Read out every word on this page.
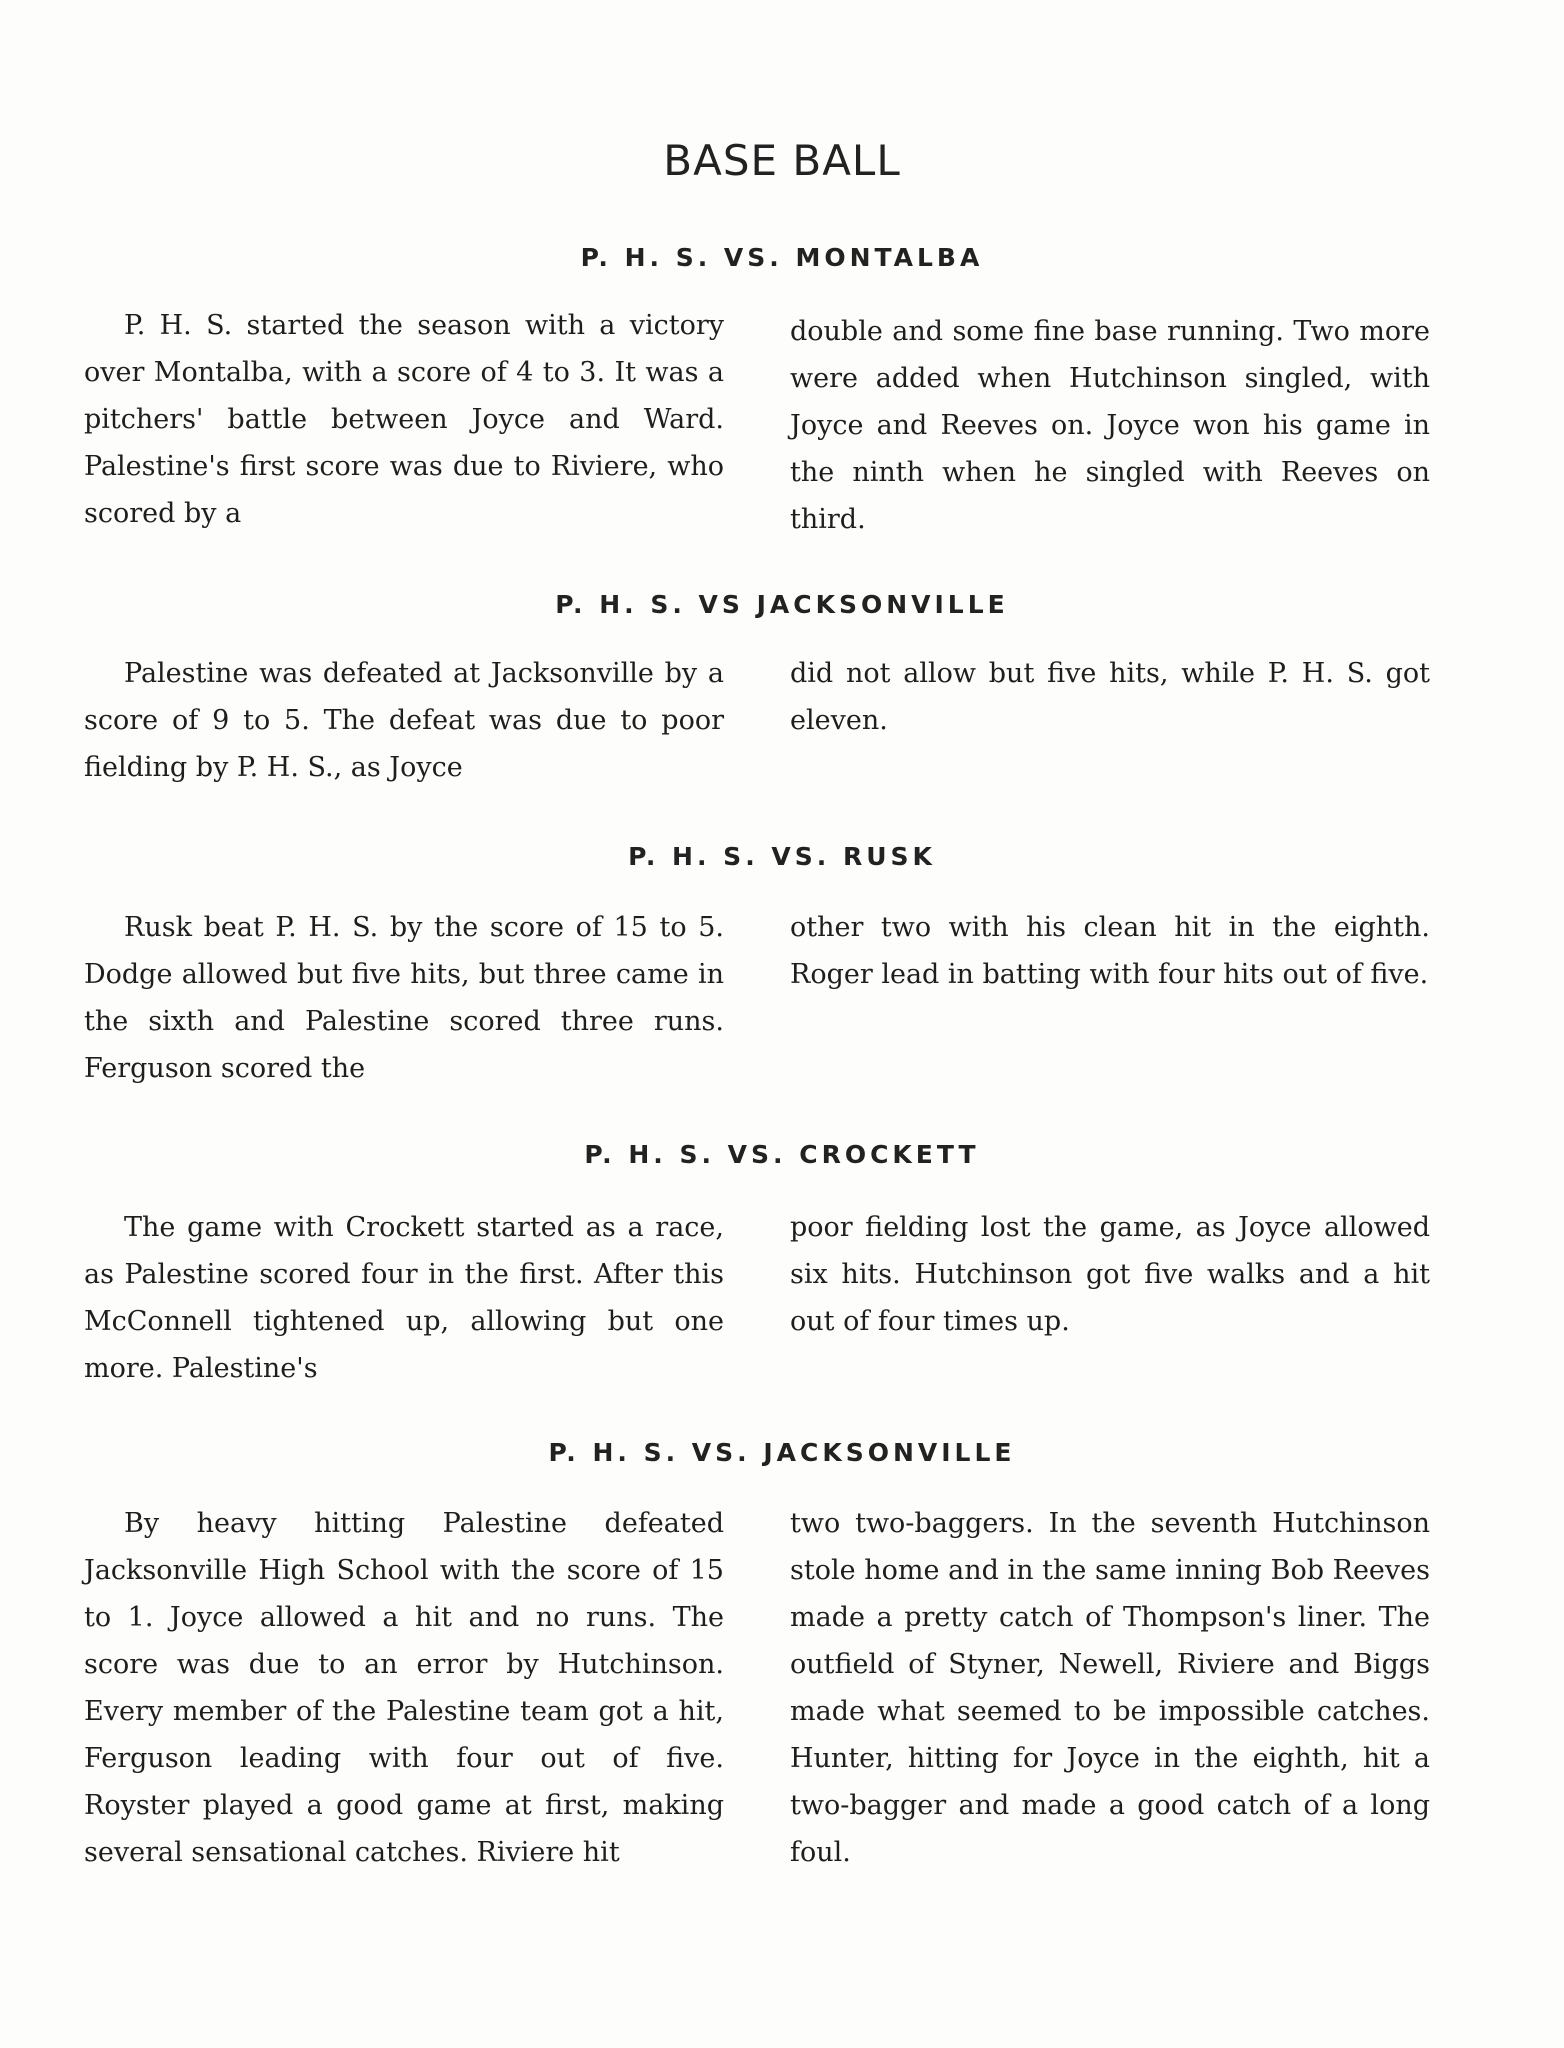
BASE BALL
P. H. S. VS. MONTALBA

P. H. S. started the season with a victory over Montalba, with a score of 4 to 3. It was a pitchers' battle between Joyce and Ward. Palestine's first score was due to Riviere, who scored by a

double and some fine base running. Two more were added when Hutchinson singled, with Joyce and Reeves on. Joyce won his game in the ninth when he singled with Reeves on third.

P. H. S. VS JACKSONVILLE

Palestine was defeated at Jacksonville by a score of 9 to 5. The defeat was due to poor fielding by P. H. S., as Joyce

did not allow but five hits, while P. H. S. got eleven.

P. H. S. VS. RUSK

Rusk beat P. H. S. by the score of 15 to 5. Dodge allowed but five hits, but three came in the sixth and Palestine scored three runs. Ferguson scored the

other two with his clean hit in the eighth. Roger lead in batting with four hits out of five.

P. H. S. VS. CROCKETT

The game with Crockett started as a race, as Palestine scored four in the first. After this McConnell tightened up, allowing but one more. Palestine's

poor fielding lost the game, as Joyce allowed six hits. Hutchinson got five walks and a hit out of four times up.

P. H. S. VS. JACKSONVILLE

By heavy hitting Palestine defeated Jacksonville High School with the score of 15 to 1. Joyce allowed a hit and no runs. The score was due to an error by Hutchinson. Every member of the Palestine team got a hit, Ferguson leading with four out of five. Royster played a good game at first, making several sensational catches. Riviere hit

two two-baggers. In the seventh Hutchinson stole home and in the same inning Bob Reeves made a pretty catch of Thompson's liner. The outfield of Styner, Newell, Riviere and Biggs made what seemed to be impossible catches. Hunter, hitting for Joyce in the eighth, hit a two-bagger and made a good catch of a long foul.
